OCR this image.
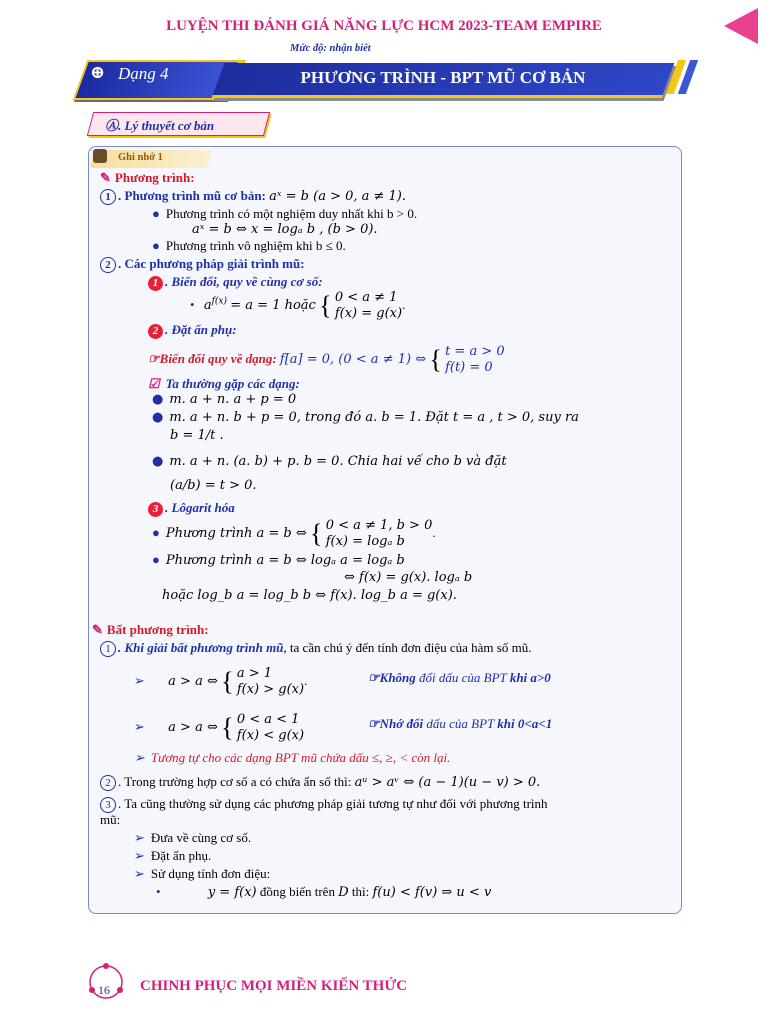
LUYỆN THI ĐÁNH GIÁ NĂNG LỰC HCM 2023-TEAM EMPIRE
Mức độ: nhận biết
⊕ Dạng 4	PHƯƠNG TRÌNH - BPT MŨ CƠ BẢN
Ⓐ. Lý thuyết cơ bản
Ghi nhớ 1
✎ Phương trình:
1 . Phương trình mũ cơ bản: aˣ = b (a > 0, a ≠ 1).
● Phương trình có một nghiệm duy nhất khi b > 0.
aˣ = b ⇔ x = logₐ b , (b > 0).
● Phương trình vô nghiệm khi b ≤ 0.
2 . Các phương pháp giải trình mũ:
1 . Biến đổi, quy về cùng cơ số:
• $a^{f(x)} = a = 1$ hoặc { 0 < a ≠ 1
f(x) = g(x).
2 . Đặt ẩn phụ:
☞Biến đổi quy về dạng: f[a] = 0, (0 < a ≠ 1) ⇔ { t = a > 0
f(t) = 0
☑ Ta thường gặp các dạng:
● m. a + n. a + p = 0
● m. a + n. b + p = 0, trong đó a. b = 1. Đặt t = a , t > 0, suy ra
b = 1/t .
● m. a + n. (a. b) + p. b = 0. Chia hai vế cho b và đặt
(a/b) = t > 0.
3 . Lôgarit hóa
● Phương trình a = b ⇔ { 0 < a ≠ 1, b > 0
f(x) = logₐ b.
● Phương trình a = b ⇔ logₐ a = logₐ b
⇔ f(x) = g(x). logₐ b
hoặc log_b a = log_b b ⇔ f(x). log_b a = g(x).
✎ Bất phương trình:
1 . Khi giải bất phương trình mũ, ta cần chú ý đến tính đơn điệu của hàm số mũ.
➢ a > a ⇔ { a > 1
f(x) > g(x).	☞Không đổi dấu của BPT khi a>0
➢ a > a ⇔ { 0 < a < 1
f(x) < g(x)
☞Nhớ đổi dấu của BPT khi 0<a<1
➢ Tương tự cho các dạng BPT mũ chứa dấu ≤, ≥, < còn lại.
2 . Trong trường hợp cơ số a có chứa ẩn số thì: aᵘ > aᵛ ⇔ (a − 1)(u − v) > 0.
3 . Ta cũng thường sử dụng các phương pháp giải tương tự như đối với phương trình
mũ:
➢ Đưa về cùng cơ số.
➢ Đặt ẩn phụ.
➢ Sử dụng tính đơn điệu:
•	y = f(x) đồng biến trên D thì: f(u) < f(v) ⇒ u < v
16 CHINH PHỤC MỌI MIỀN KIẾN THỨC
